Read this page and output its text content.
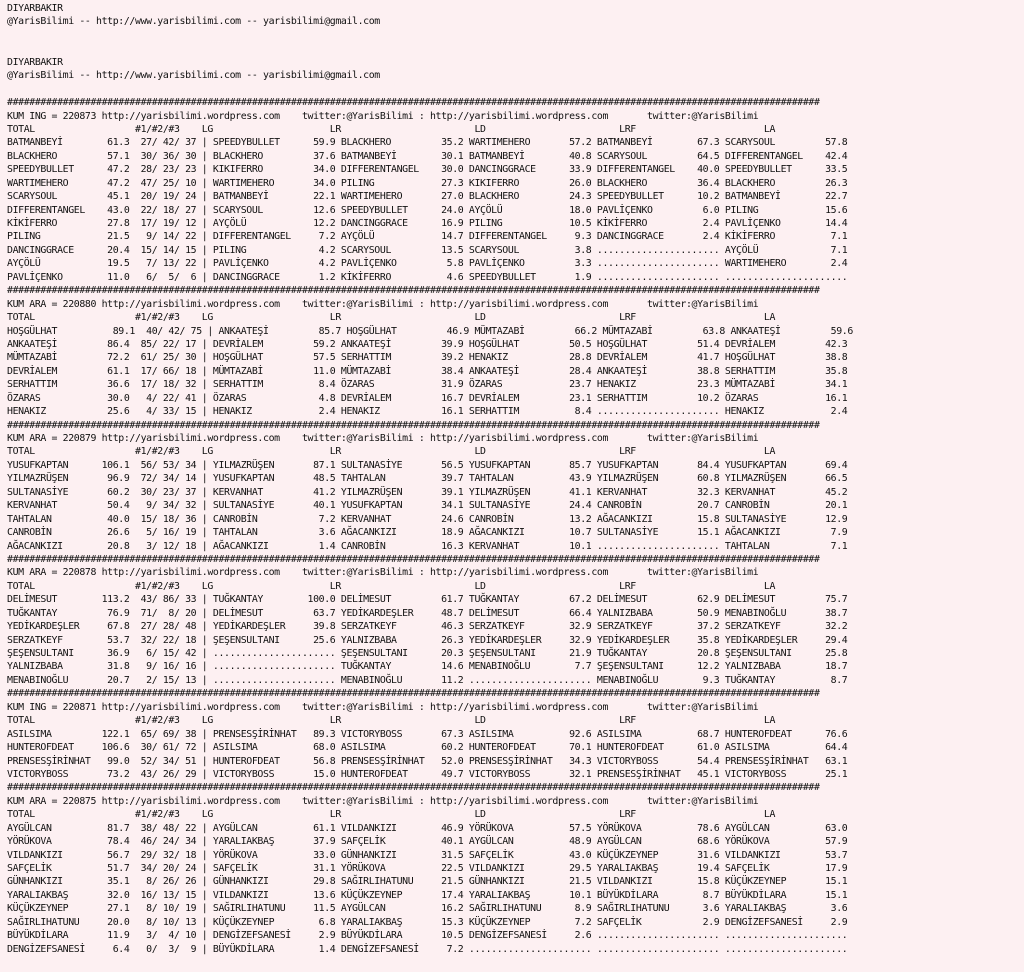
DIYARBAKIR
@YarisBilimi -- http://www.yarisbilimi.com -- yarisbilimi@gmail.com
DIYARBAKIR
@YarisBilimi -- http://www.yarisbilimi.com -- yarisbilimi@gmail.com
##################################################################################################################################################
KUM ING = 220873 http://yarisbilimi.wordpress.com    twitter:@YarisBilimi : http://yarisbilimi.wordpress.com       twitter:@YarisBilimi
TOTAL                  #1/#2/#3    LG                     LR                        LD                        LRF                       LA
BATMANBEYİ        61.3  27/ 42/ 37 | SPEEDYBULLET      59.9 BLACKHERO         35.2 WARTIMEHERO       57.2 BATMANBEYİ        67.3 SCARYSOUL         57.8
BLACKHERO         57.1  30/ 36/ 30 | BLACKHERO         37.6 BATMANBEYİ        30.1 BATMANBEYİ        40.8 SCARYSOUL         64.5 DIFFERENTANGEL    42.4
SPEEDYBULLET      47.2  28/ 23/ 23 | KIKIFERRO         34.0 DIFFERENTANGEL    30.0 DANCINGGRACE      33.9 DIFFERENTANGEL    40.0 SPEEDYBULLET      33.5
WARTIMEHERO       47.2  47/ 25/ 10 | WARTIMEHERO       34.0 PILING            27.3 KIKIFERRO         26.0 BLACKHERO         36.4 BLACKHERO         26.3
SCARYSOUL         45.1  20/ 19/ 24 | BATMANBEYİ        22.1 WARTIMEHERO       27.0 BLACKHERO         24.3 SPEEDYBULLET      10.2 BATMANBEYİ        22.7
DIFFERENTANGEL    43.0  22/ 18/ 27 | SCARYSOUL         12.6 SPEEDYBULLET      24.0 AYÇÖLÜ            18.0 PAVLİÇENKO         6.0 PILING            15.6
KİKİFERRO         27.8  17/ 19/ 12 | AYÇÖLÜ            12.2 DANCINGGRACE      16.9 PILING            10.5 KİKİFERRO          2.4 PAVLİÇENKO        14.4
PILING            21.5   9/ 14/ 22 | DIFFERENTANGEL     7.2 AYÇÖLÜ            14.7 DIFFERENTANGEL     9.3 DANCINGGRACE       2.4 KİKİFERRO          7.1
DANCINGGRACE      20.4  15/ 14/ 15 | PILING             4.2 SCARYSOUL         13.5 SCARYSOUL          3.8 ...................... AYÇÖLÜ             7.1
AYÇÖLÜ            19.5   7/ 13/ 22 | PAVLİÇENKO         4.2 PAVLİÇENKO         5.8 PAVLİÇENKO         3.3 ...................... WARTIMEHERO        2.4
PAVLİÇENKO        11.0   6/  5/  6 | DANCINGGRACE       1.2 KİKİFERRO          4.6 SPEEDYBULLET       1.9 ...................... ......................
##################################################################################################################################################
KUM ARA = 220880 http://yarisbilimi.wordpress.com    twitter:@YarisBilimi : http://yarisbilimi.wordpress.com       twitter:@YarisBilimi
TOTAL                  #1/#2/#3    LG                     LR                        LD                        LRF                       LA
HOŞGÜLHAT          89.1  40/ 42/ 75 | ANKAATEŞİ         85.7 HOŞGÜLHAT         46.9 MÜMTAZABİ         66.2 MÜMTAZABİ         63.8 ANKAATEŞİ         59.6
ANKAATEŞİ         86.4  85/ 22/ 17 | DEVRİALEM         59.2 ANKAATEŞİ         39.9 HOŞGÜLHAT         50.5 HOŞGÜLHAT         51.4 DEVRİALEM         42.3
MÜMTAZABİ         72.2  61/ 25/ 30 | HOŞGÜLHAT         57.5 SERHATTIM         39.2 HENAKIZ           28.8 DEVRİALEM         41.7 HOŞGÜLHAT         38.8
DEVRİALEM         61.1  17/ 66/ 18 | MÜMTAZABİ         11.0 MÜMTAZABİ         38.4 ANKAATEŞİ         28.4 ANKAATEŞİ         38.8 SERHATTIM         35.8
SERHATTIM         36.6  17/ 18/ 32 | SERHATTIM          8.4 ÖZARAS            31.9 ÖZARAS            23.7 HENAKIZ           23.3 MÜMTAZABİ         34.1
ÖZARAS            30.0   4/ 22/ 41 | ÖZARAS             4.8 DEVRİALEM         16.7 DEVRİALEM         23.1 SERHATTIM         10.2 ÖZARAS            16.1
HENAKIZ           25.6   4/ 33/ 15 | HENAKIZ            2.4 HENAKIZ           16.1 SERHATTIM          8.4 ...................... HENAKIZ            2.4
##################################################################################################################################################
KUM ARA = 220879 http://yarisbilimi.wordpress.com    twitter:@YarisBilimi : http://yarisbilimi.wordpress.com       twitter:@YarisBilimi
TOTAL                  #1/#2/#3    LG                     LR                        LD                        LRF                       LA
YUSUFKAPTAN      106.1  56/ 53/ 34 | YILMAZRÜŞEN       87.1 SULTANASİYE       56.5 YUSUFKAPTAN       85.7 YUSUFKAPTAN       84.4 YUSUFKAPTAN       69.4
YILMAZRÜŞEN       96.9  72/ 34/ 14 | YUSUFKAPTAN       48.5 TAHTALAN          39.7 TAHTALAN          43.9 YILMAZRÜŞEN       60.8 YILMAZRÜŞEN       66.5
SULTANASİYE       60.2  30/ 23/ 37 | KERVANHAT         41.2 YILMAZRÜŞEN       39.1 YILMAZRÜŞEN       41.1 KERVANHAT         32.3 KERVANHAT         45.2
KERVANHAT         50.4   9/ 34/ 32 | SULTANASİYE       40.1 YUSUFKAPTAN       34.1 SULTANASİYE       24.4 CANROBİN          20.7 CANROBİN          20.1
TAHTALAN          40.0  15/ 18/ 36 | CANROBİN           7.2 KERVANHAT         24.6 CANROBİN          13.2 AĞACANKIZI        15.8 SULTANASİYE       12.9
CANROBİN          26.6   5/ 16/ 19 | TAHTALAN           3.6 AĞACANKIZI        18.9 AĞACANKIZI        10.7 SULTANASİYE       15.1 AĞACANKIZI         7.9
AĞACANKIZI        20.8   3/ 12/ 18 | AĞACANKIZI         1.4 CANROBİN          16.3 KERVANHAT         10.1 ...................... TAHTALAN           7.1
##################################################################################################################################################
KUM ARA = 220878 http://yarisbilimi.wordpress.com    twitter:@YarisBilimi : http://yarisbilimi.wordpress.com       twitter:@YarisBilimi
TOTAL                  #1/#2/#3    LG                     LR                        LD                        LRF                       LA
DELİMESUT        113.2  43/ 86/ 33 | TUĞKANTAY        100.0 DELİMESUT         61.7 TUĞKANTAY         67.2 DELİMESUT         62.9 DELİMESUT         75.7
TUĞKANTAY         76.9  71/  8/ 20 | DELİMESUT         63.7 YEDİKARDEŞLER     48.7 DELİMESUT         66.4 YALNIZBABA        50.9 MENABINOĞLU       38.7
YEDİKARDEŞLER     67.8  27/ 28/ 48 | YEDİKARDEŞLER     39.8 SERZATKEYF        46.3 SERZATKEYF        32.9 SERZATKEYF        37.2 SERZATKEYF        32.2
SERZATKEYF        53.7  32/ 22/ 18 | ŞEŞENSULTANI      25.6 YALNIZBABA        26.3 YEDİKARDEŞLER     32.9 YEDİKARDEŞLER     35.8 YEDİKARDEŞLER     29.4
ŞEŞENSULTANI      36.9   6/ 15/ 42 | ...................... ŞEŞENSULTANI      20.3 ŞEŞENSULTANI      21.9 TUĞKANTAY         20.8 ŞEŞENSULTANI      25.8
YALNIZBABA        31.8   9/ 16/ 16 | ...................... TUĞKANTAY         14.6 MENABINOĞLU        7.7 ŞEŞENSULTANI      12.2 YALNIZBABA        18.7
MENABINOĞLU       20.7   2/ 15/ 13 | ...................... MENABINOĞLU       11.2 ...................... MENABINOĞLU        9.3 TUĞKANTAY          8.7
##################################################################################################################################################
KUM ING = 220871 http://yarisbilimi.wordpress.com    twitter:@YarisBilimi : http://yarisbilimi.wordpress.com       twitter:@YarisBilimi
TOTAL                  #1/#2/#3    LG                     LR                        LD                        LRF                       LA
ASILSIMA         122.1  65/ 69/ 38 | PRENSESŞİRİNHAT   89.3 VICTORYBOSS       67.3 ASILSIMA          92.6 ASILSIMA          68.7 HUNTEROFDEAT      76.6
HUNTEROFDEAT     106.6  30/ 61/ 72 | ASILSIMA          68.0 ASILSIMA          60.2 HUNTEROFDEAT      70.1 HUNTEROFDEAT      61.0 ASILSIMA          64.4
PRENSESŞİRİNHAT   99.0  52/ 34/ 51 | HUNTEROFDEAT      56.8 PRENSESŞİRİNHAT   52.0 PRENSESŞİRİNHAT   34.3 VICTORYBOSS       54.4 PRENSESŞİRİNHAT   63.1
VICTORYBOSS       73.2  43/ 26/ 29 | VICTORYBOSS       15.0 HUNTEROFDEAT      49.7 VICTORYBOSS       32.1 PRENSESŞİRİNHAT   45.1 VICTORYBOSS       25.1
##################################################################################################################################################
KUM ARA = 220875 http://yarisbilimi.wordpress.com    twitter:@YarisBilimi : http://yarisbilimi.wordpress.com       twitter:@YarisBilimi
TOTAL                  #1/#2/#3    LG                     LR                        LD                        LRF                       LA
AYGÜLCAN          81.7  38/ 48/ 22 | AYGÜLCAN          61.1 VILDANKIZI        46.9 YÖRÜKOVA          57.5 YÖRÜKOVA          78.6 AYGÜLCAN          63.0
YÖRÜKOVA          78.4  46/ 24/ 34 | YARALIAKBAŞ       37.9 SAFÇELİK          40.1 AYGÜLCAN          48.9 AYGÜLCAN          68.6 YÖRÜKOVA          57.9
VILDANKIZI        56.7  29/ 32/ 18 | YÖRÜKOVA          33.0 GÜNHANKIZI        31.5 SAFÇELİK          43.0 KÜÇÜKZEYNEP       31.6 VILDANKIZI        53.7
SAFÇELİK          51.7  34/ 20/ 24 | SAFÇELİK          31.1 YÖRÜKOVA          22.5 VILDANKIZI        29.5 YARALIAKBAŞ       19.4 SAFÇELİK          17.9
GÜNHANKIZI        35.1   8/ 26/ 26 | GÜNHANKIZI        29.8 SAĞIRLIHATUNU     21.5 GÜNHANKIZI        21.5 VILDANKIZI        15.8 KÜÇÜKZEYNEP       15.1
YARALIAKBAŞ       32.0  16/ 13/ 15 | VILDANKIZI        13.6 KÜÇÜKZEYNEP       17.4 YARALIAKBAŞ       10.1 BÜYÜKDİLARA        8.7 BÜYÜKDİLARA       15.1
KÜÇÜKZEYNEP       27.1   8/ 10/ 19 | SAĞIRLIHATUNU     11.5 AYGÜLCAN          16.2 SAĞIRLIHATUNU      8.9 SAĞIRLIHATUNU      3.6 YARALIAKBAŞ        3.6
SAĞIRLIHATUNU     20.0   8/ 10/ 13 | KÜÇÜKZEYNEP        6.8 YARALIAKBAŞ       15.3 KÜÇÜKZEYNEP        7.2 SAFÇELİK           2.9 DENGİZEFSANESİ     2.9
BÜYÜKDİLARA       11.9   3/  4/ 10 | DENGİZEFSANESİ     2.9 BÜYÜKDİLARA       10.5 DENGİZEFSANESİ     2.6 ...................... ......................
DENGİZEFSANESİ     6.4   0/  3/  9 | BÜYÜKDİLARA        1.4 DENGİZEFSANESİ     7.2 ...................... ...................... ......................
